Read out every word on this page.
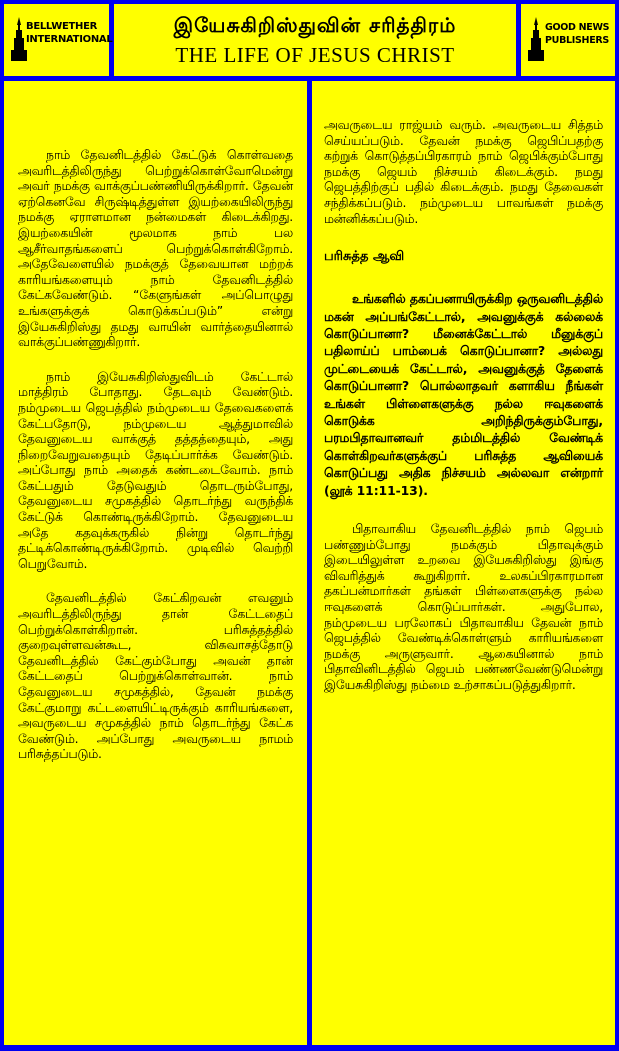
BELLWETHER
INTERNATIONAL
இயேசுகிறிஸ்துவின் சரித்திரம்
THE LIFE OF JESUS CHRIST
GOOD NEWS
PUBLISHERS

நாம் தேவனிடத்தில் கேட்டுக் கொள்வதை அவரிடத்திலிருந்து பெற்றுக்கொள்வோமென்று அவர் நமக்கு வாக்குப்பண்ணியிருக்கிறார். தேவன் ஏற்கெனவே சிருஷ்டித்துள்ள இயற்கையிலிருந்து நமக்கு ஏராளமான நன்மைகள் கிடைக்கிறது. இயற்கையின் மூலமாக நாம் பல ஆசீர்வாதங்களைப் பெற்றுக்கொள்கிறோம். அதேவேளையில் நமக்குத் தேவையான மற்றக் காரியங்களையும் நாம் தேவனிடத்தில் கேட்கவேண்டும். “கேளுங்கள் அப்பொழுது உங்களுக்குக் கொடுக்கப்படும்” என்று இயேசுகிறிஸ்து தமது வாயின் வார்த்தையினால் வாக்குப்பண்ணுகிறார்.

நாம் இயேசுகிறிஸ்துவிடம் கேட்டால் மாத்திரம் போதாது. தேடவும் வேண்டும். நம்முடைய ஜெபத்தில் நம்முடைய தேவைகளைக் கேட்பதோடு, நம்முடைய ஆத்துமாவில் தேவனுடைய வாக்குத் தத்தத்தையும், அது நிறைவேறுவதையும் தேடிப்பார்க்க வேண்டும். அப்போது நாம் அதைக் கண்டடைவோம். நாம் கேட்பதும் தேடுவதும் தொடரும்போது, தேவனுடைய சமுகத்தில் தொடர்ந்து வருந்திக் கேட்டுக் கொண்டிருக்கிறோம். தேவனுடைய அதே கதவுக்கருகில் நின்று தொடர்ந்து தட்டிக்கொண்டிருக்கிறோம். முடிவில் வெற்றி பெறுவோம்.

தேவனிடத்தில் கேட்கிறவன் எவனும் அவரிடத்திலிருந்து தான் கேட்டதைப் பெற்றுக்கொள்கிறான். பரிசுத்தத்தில் குறைவுள்ளவன்கூட, விசுவாசத்தோடு தேவனிடத்தில் கேட்கும்போது அவன் தான் கேட்டதைப் பெற்றுக்கொள்வான். நாம் தேவனுடைய சமுகத்தில், தேவன் நமக்கு கேட்குமாறு கட்டளையிட்டிருக்கும் காரியங்களை, அவருடைய சமுகத்தில் நாம் தொடர்ந்து கேட்க வேண்டும். அப்போது அவருடைய நாமம் பரிசுத்தப்படும்.

அவருடைய ராஜ்யம் வரும். அவருடைய சித்தம் செய்யப்படும். தேவன் நமக்கு ஜெபிப்பதற்கு கற்றுக் கொடுத்தப்பிரகாரம் நாம் ஜெபிக்கும்போது நமக்கு ஜெயம் நிச்சயம் கிடைக்கும். நமது ஜெபத்திற்குப் பதில் கிடைக்கும். நமது தேவைகள் சந்திக்கப்படும். நம்முடைய பாவங்கள் நமக்கு மன்னிக்கப்படும்.

பரிசுத்த ஆவி

உங்களில் தகப்பனாயிருக்கிற ஒருவனிடத்தில் மகன் அப்பங்கேட்டால், அவனுக்குக் கல்லைக் கொடுப்பானா? மீனைக்கேட்டால் மீனுக்குப் பதிலாய்ப் பாம்பைக் கொடுப்பானா? அல்லது முட்டையைக் கேட்டால், அவனுக்குத் தேளைக் கொடுப்பானா? பொல்லாதவர் களாகிய நீங்கள் உங்கள் பிள்ளைகளுக்கு நல்ல ஈவுகளைக் கொடுக்க அறிந்திருக்கும்போது, பரமபிதாவானவர் தம்மிடத்தில் வேண்டிக் கொள்கிறவர்களுக்குப் பரிசுத்த ஆவியைக் கொடுப்பது அதிக நிச்சயம் அல்லவா என்றார் (லூக் 11:11-13).

பிதாவாகிய தேவனிடத்தில் நாம் ஜெபம் பண்ணும்போது நமக்கும் பிதாவுக்கும் இடையிலுள்ள உறவை இயேசுகிறிஸ்து இங்கு விவரித்துக் கூறுகிறார். உலகப்பிரகாரமான தகப்பன்மார்கள் தங்கள் பிள்ளைகளுக்கு நல்ல ஈவுகளைக் கொடுப்பார்கள். அதுபோல, நம்முடைய பரலோகப் பிதாவாகிய தேவன் நாம் ஜெபத்தில் வேண்டிக்கொள்ளும் காரியங்களை நமக்கு அருளுவார். ஆகையினால் நாம் பிதாவினிடத்தில் ஜெபம் பண்ணவேண்டுமென்று இயேசுகிறிஸ்து நம்மை உற்சாகப்படுத்துகிறார்.
